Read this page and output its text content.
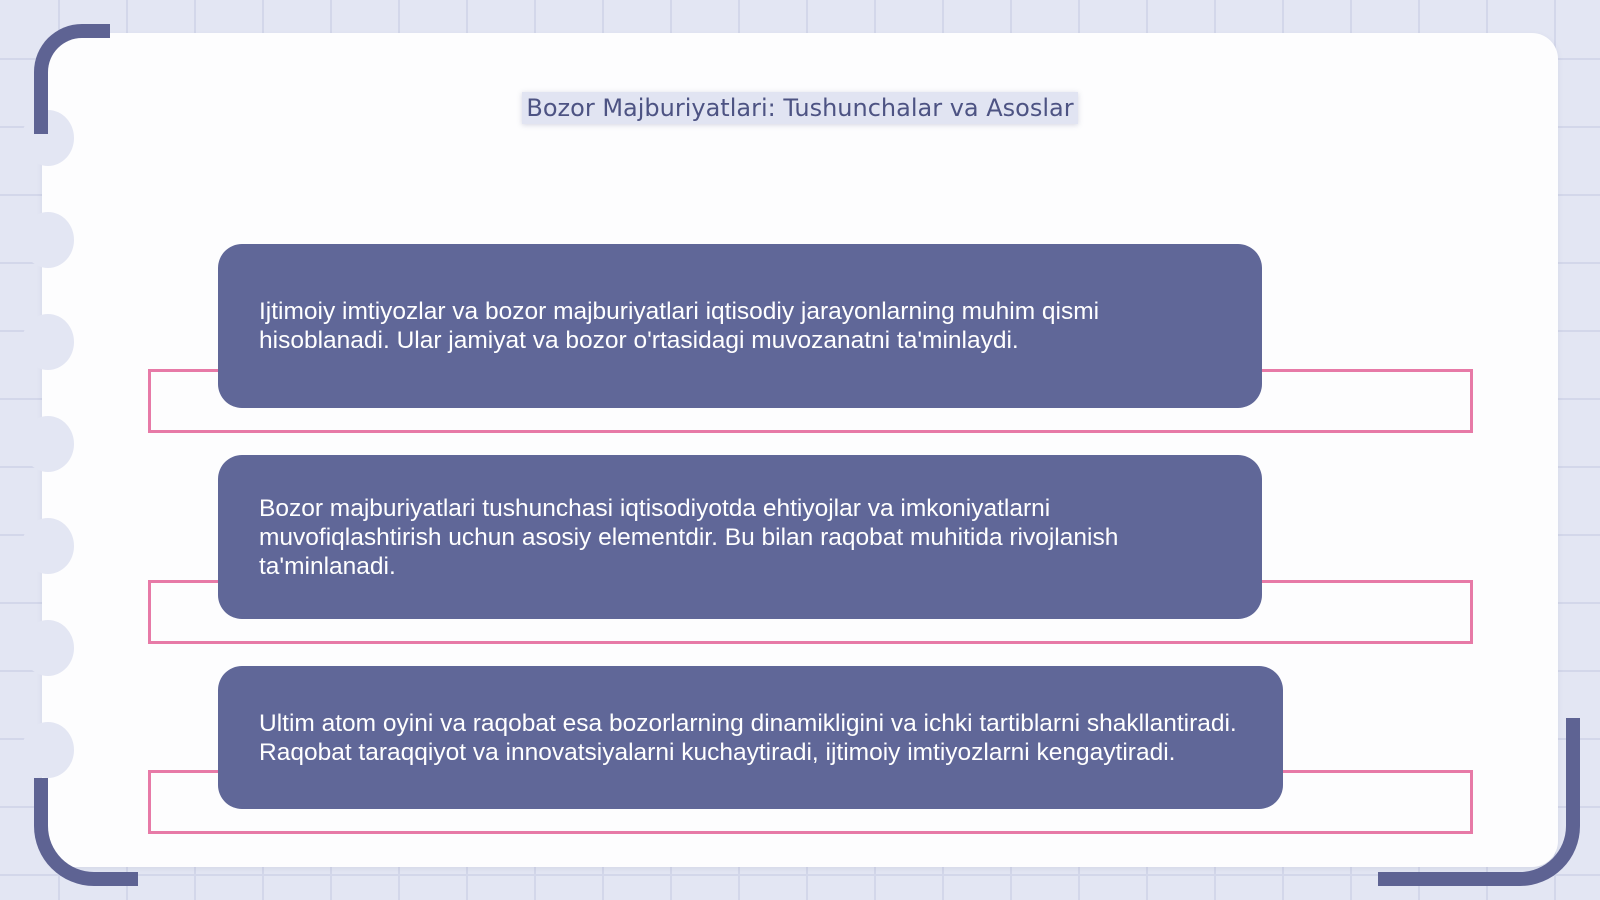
Bozor Majburiyatlari: Tushunchalar va Asoslar

Ijtimoiy imtiyozlar va bozor majburiyatlari iqtisodiy jarayonlarning muhim qismi hisoblanadi. Ular jamiyat va bozor o'rtasidagi muvozanatni ta'minlaydi.

Bozor majburiyatlari tushunchasi iqtisodiyotda ehtiyojlar va imkoniyatlarni muvofiqlashtirish uchun asosiy elementdir. Bu bilan raqobat muhitida rivojlanish ta'minlanadi.

Ultim atom oyini va raqobat esa bozorlarning dinamikligini va ichki tartiblarni shakllantiradi. Raqobat taraqqiyot va innovatsiyalarni kuchaytiradi, ijtimoiy imtiyozlarni kengaytiradi.
